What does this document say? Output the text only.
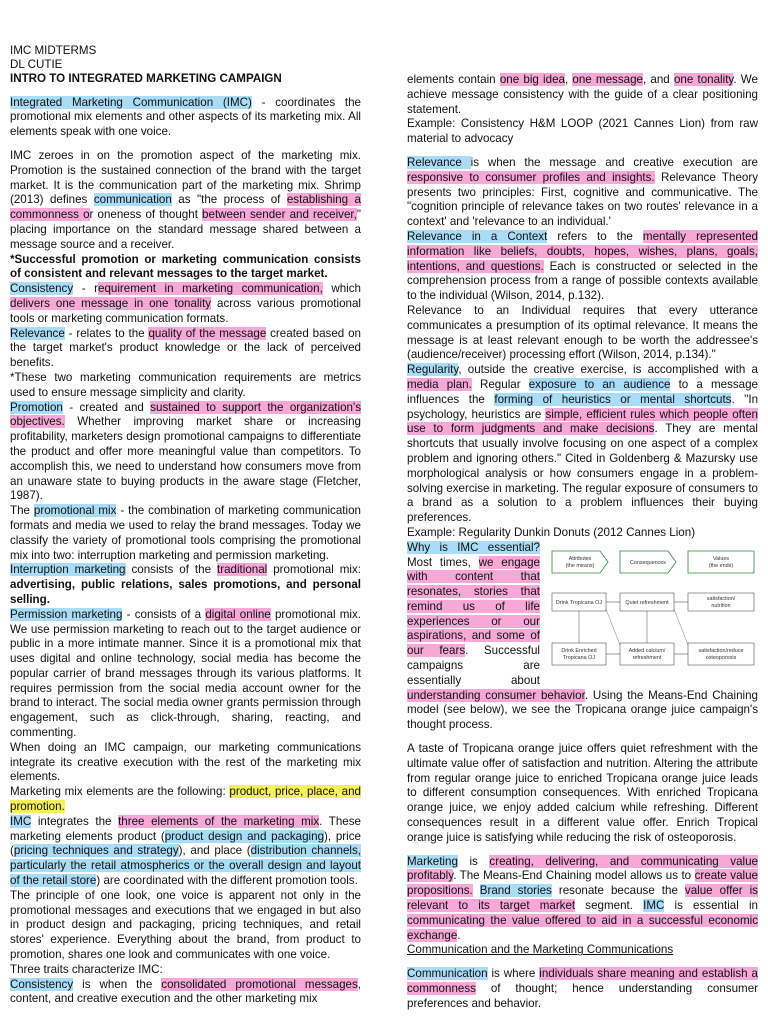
IMC MIDTERMS
DL CUTIE
INTRO TO INTEGRATED MARKETING CAMPAIGN

Integrated Marketing Communication (IMC) - coordinates the promotional mix elements and other aspects of its marketing mix. All elements speak with one voice.

IMC zeroes in on the promotion aspect of the marketing mix. Promotion is the sustained connection of the brand with the target market. It is the communication part of the marketing mix. Shrimp (2013) defines communication as "the process of establishing a commonness or oneness of thought between sender and receiver," placing importance on the standard message shared between a message source and a receiver.

*Successful promotion or marketing communication consists of consistent and relevant messages to the target market.

Consistency - requirement in marketing communication, which delivers one message in one tonality across various promotional tools or marketing communication formats.

Relevance - relates to the quality of the message created based on the target market's product knowledge or the lack of perceived benefits.

*These two marketing communication requirements are metrics used to ensure message simplicity and clarity.

Promotion - created and sustained to support the organization's objectives. Whether improving market share or increasing profitability, marketers design promotional campaigns to differentiate the product and offer more meaningful value than competitors. To accomplish this, we need to understand how consumers move from an unaware state to buying products in the aware stage (Fletcher, 1987).

The promotional mix - the combination of marketing communication formats and media we used to relay the brand messages. Today we classify the variety of promotional tools comprising the promotional mix into two: interruption marketing and permission marketing.

Interruption marketing consists of the traditional promotional mix: advertising, public relations, sales promotions, and personal selling.

Permission marketing - consists of a digital online promotional mix. We use permission marketing to reach out to the target audience or public in a more intimate manner. Since it is a promotional mix that uses digital and online technology, social media has become the popular carrier of brand messages through its various platforms. It requires permission from the social media account owner for the brand to interact. The social media owner grants permission through engagement, such as click-through, sharing, reacting, and commenting.

When doing an IMC campaign, our marketing communications integrate its creative execution with the rest of the marketing mix elements.

Marketing mix elements are the following: product, price, place, and promotion.

IMC integrates the three elements of the marketing mix. These marketing elements product (product design and packaging), price (pricing techniques and strategy), and place (distribution channels, particularly the retail atmospherics or the overall design and layout of the retail store) are coordinated with the different promotion tools.

The principle of one look, one voice is apparent not only in the promotional messages and executions that we engaged in but also in product design and packaging, pricing techniques, and retail stores' experience. Everything about the brand, from product to promotion, shares one look and communicates with one voice.

Three traits characterize IMC:

Consistency is when the consolidated promotional messages, content, and creative execution and the other marketing mix

elements contain one big idea, one message, and one tonality. We achieve message consistency with the guide of a clear positioning statement.

Example: Consistency H&M LOOP (2021 Cannes Lion) from raw material to advocacy

Relevance is when the message and creative execution are responsive to consumer profiles and insights. Relevance Theory presents two principles: First, cognitive and communicative. The "cognition principle of relevance takes on two routes' relevance in a context' and 'relevance to an individual.'

Relevance in a Context refers to the mentally represented information like beliefs, doubts, hopes, wishes, plans, goals, intentions, and questions. Each is constructed or selected in the comprehension process from a range of possible contexts available to the individual (Wilson, 2014, p.132).

Relevance to an Individual requires that every utterance communicates a presumption of its optimal relevance. It means the message is at least relevant enough to be worth the addressee's (audience/receiver) processing effort (Wilson, 2014, p.134)."

Regularity, outside the creative exercise, is accomplished with a media plan. Regular exposure to an audience to a message influences the forming of heuristics or mental shortcuts. "In psychology, heuristics are simple, efficient rules which people often use to form judgments and make decisions. They are mental shortcuts that usually involve focusing on one aspect of a complex problem and ignoring others." Cited in Goldenberg & Mazursky use morphological analysis or how consumers engage in a problem-solving exercise in marketing. The regular exposure of consumers to a brand as a solution to a problem influences their buying preferences.

Example: Regularity Dunkin Donuts (2012 Cannes Lion)

Attributes
(the means)	Consequences
Values
(the ends)
Drink Tropicana OJ	Quiet refreshment
satisfaction/
nutrition
Drink Enriched
Tropicana OJ
Added calcium/
refreshment
satisfaction/reduce
osteoporosis

Why is IMC essential? Most times, we engage with content that resonates, stories that remind us of life experiences or our aspirations, and some of our fears. Successful campaigns are essentially about understanding consumer behavior. Using the Means-End Chaining model (see below), we see the Tropicana orange juice campaign's thought process.

A taste of Tropicana orange juice offers quiet refreshment with the ultimate value offer of satisfaction and nutrition. Altering the attribute from regular orange juice to enriched Tropicana orange juice leads to different consumption consequences. With enriched Tropicana orange juice, we enjoy added calcium while refreshing. Different consequences result in a different value offer. Enrich Tropical orange juice is satisfying while reducing the risk of osteoporosis.

Marketing is creating, delivering, and communicating value profitably. The Means-End Chaining model allows us to create value propositions. Brand stories resonate because the value offer is relevant to its target market segment. IMC is essential in communicating the value offered to aid in a successful economic exchange.

Communication and the Marketing Communications

Communication is where individuals share meaning and establish a commonness of thought; hence understanding consumer preferences and behavior.
